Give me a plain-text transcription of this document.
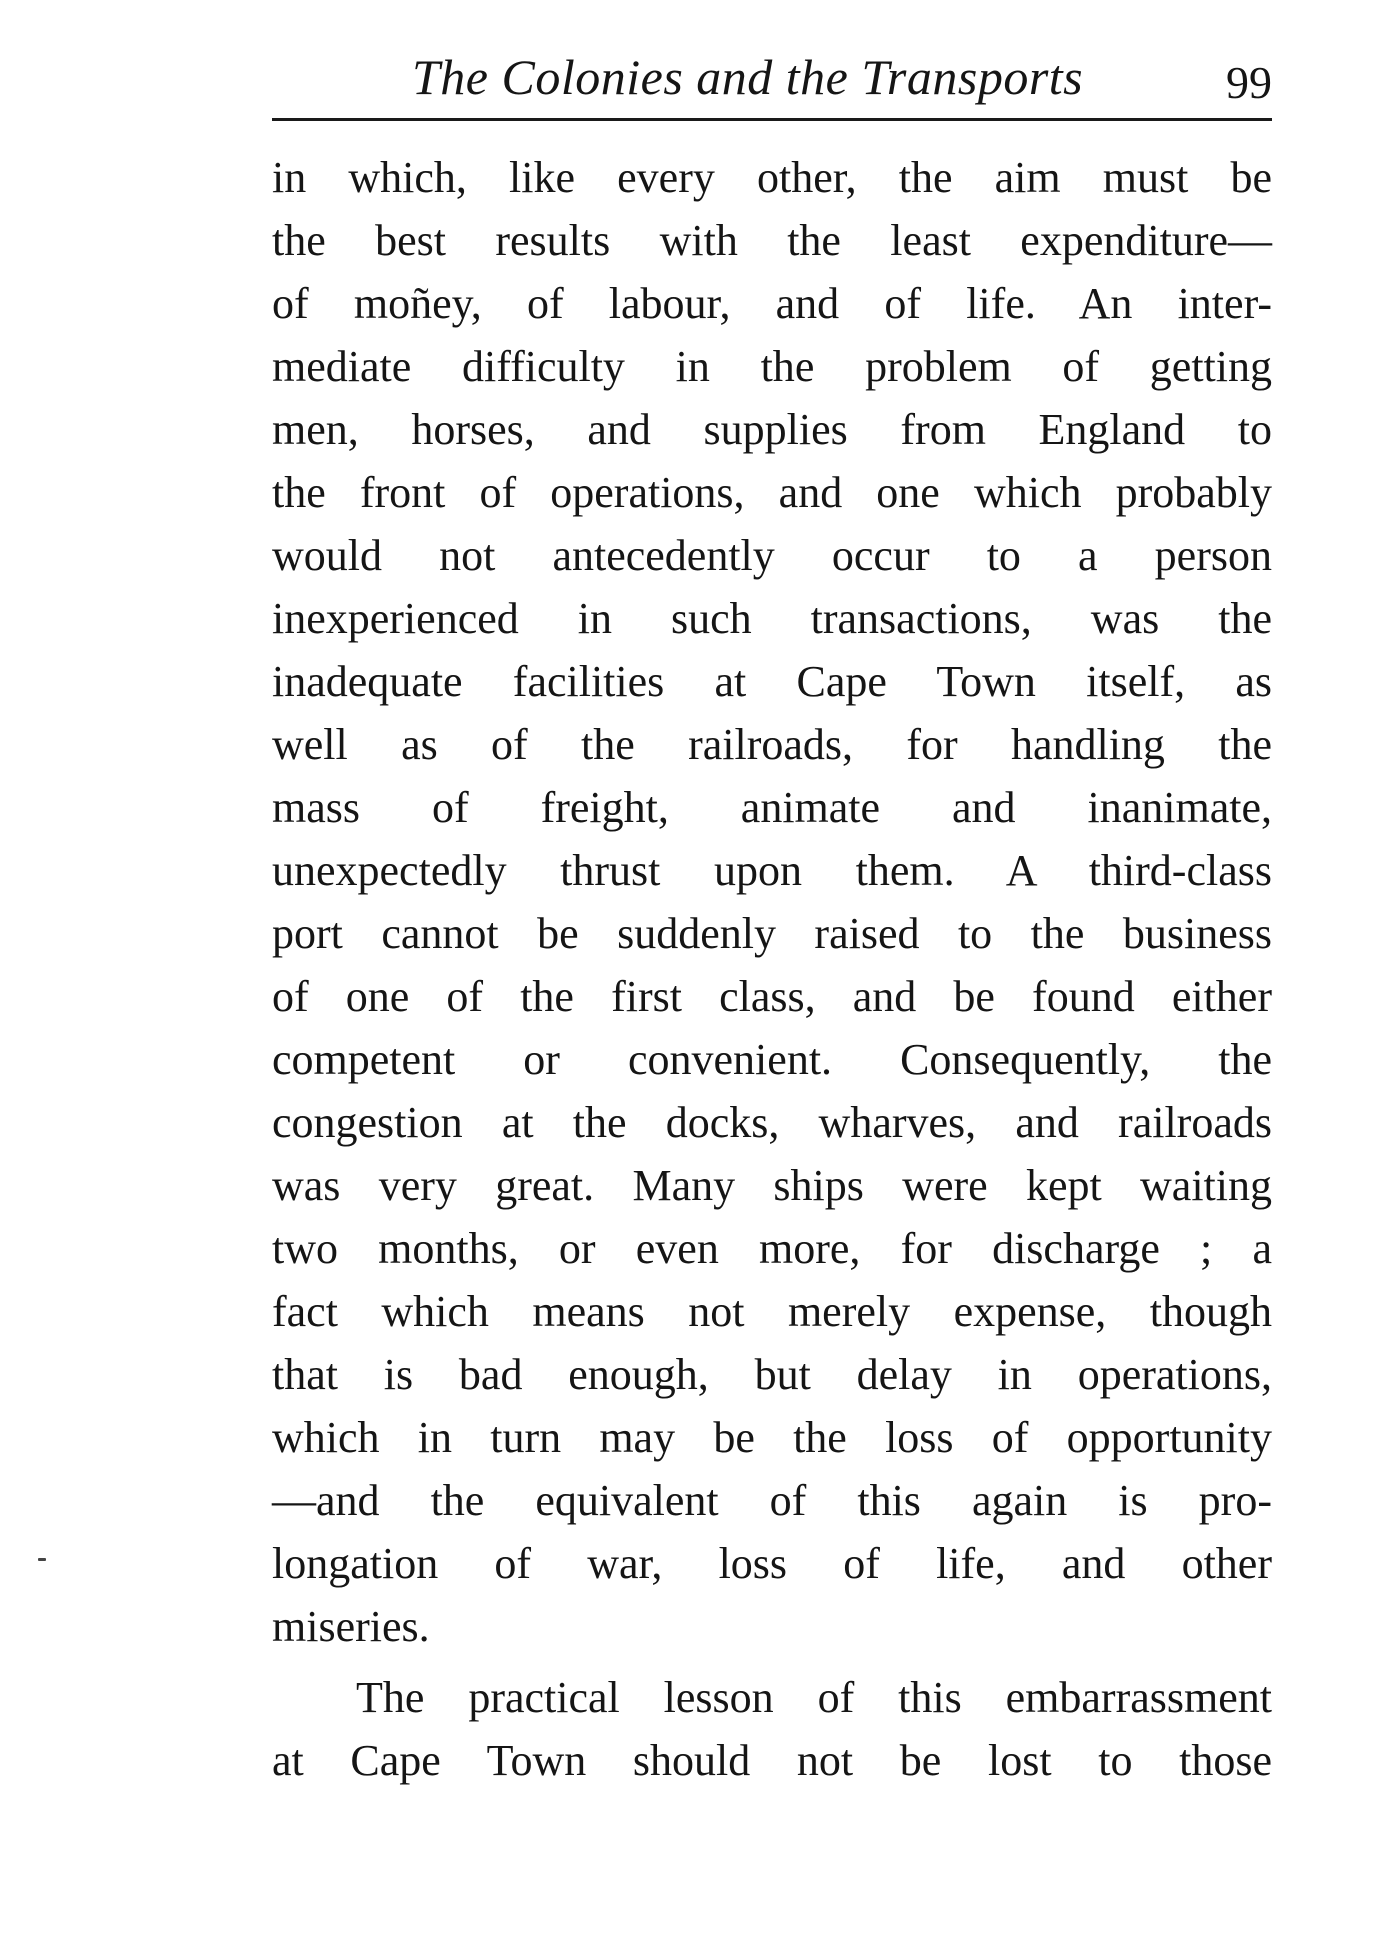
The Colonies and the Transports	99
in which, like every other, the aim must be
the best results with the least expenditure—
of moñey, of labour, and of life. An inter-
mediate difficulty in the problem of getting
men, horses, and supplies from England to
the front of operations, and one which probably
would not antecedently occur to a person
inexperienced in such transactions, was the
inadequate facilities at Cape Town itself, as
well as of the railroads, for handling the
mass of freight, animate and inanimate,
unexpectedly thrust upon them. A third-class
port cannot be suddenly raised to the business
of one of the first class, and be found either
competent or convenient. Consequently, the
congestion at the docks, wharves, and railroads
was very great. Many ships were kept waiting
two months, or even more, for discharge ; a
fact which means not merely expense, though
that is bad enough, but delay in operations,
which in turn may be the loss of opportunity
—and the equivalent of this again is pro-
longation of war, loss of life, and other
miseries.
The practical lesson of this embarrassment
at Cape Town should not be lost to those
